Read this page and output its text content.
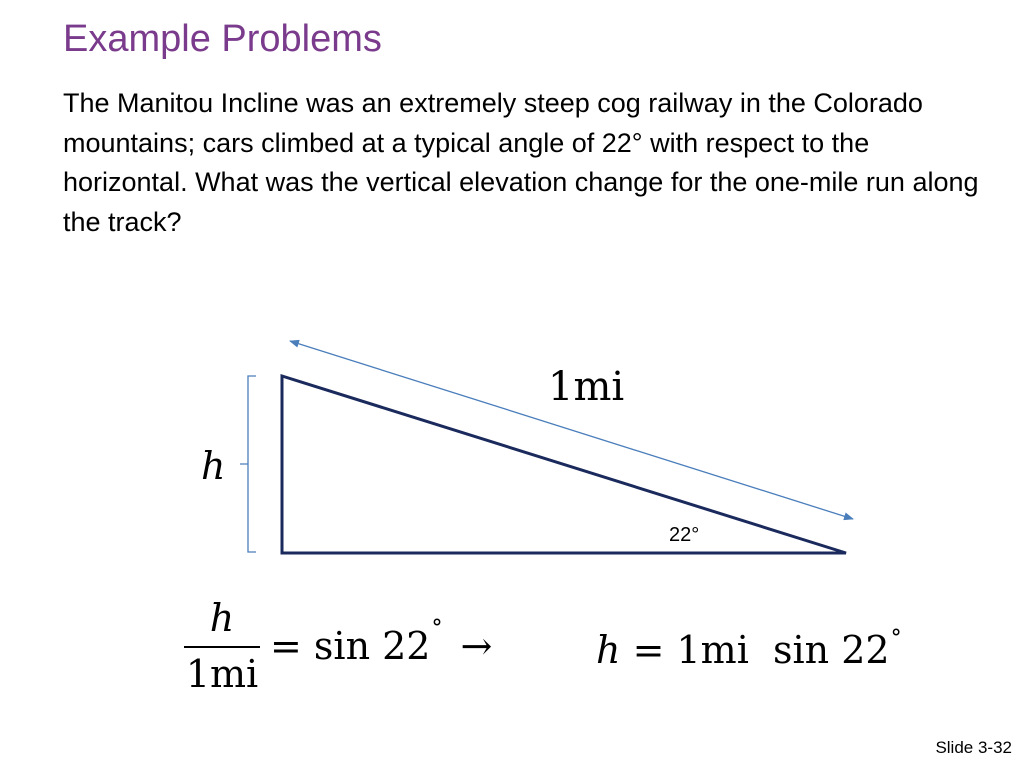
Example Problems
The Manitou Incline was an extremely steep cog railway in the Colorado mountains; cars climbed at a typical angle of 22° with respect to the horizontal. What was the vertical elevation change for the one-mile run along the track?
1mi
h
22°
$\frac{h}{1mi} = \sin 22$ ° →	h = 1mi  sin 22°
Slide 3-32
